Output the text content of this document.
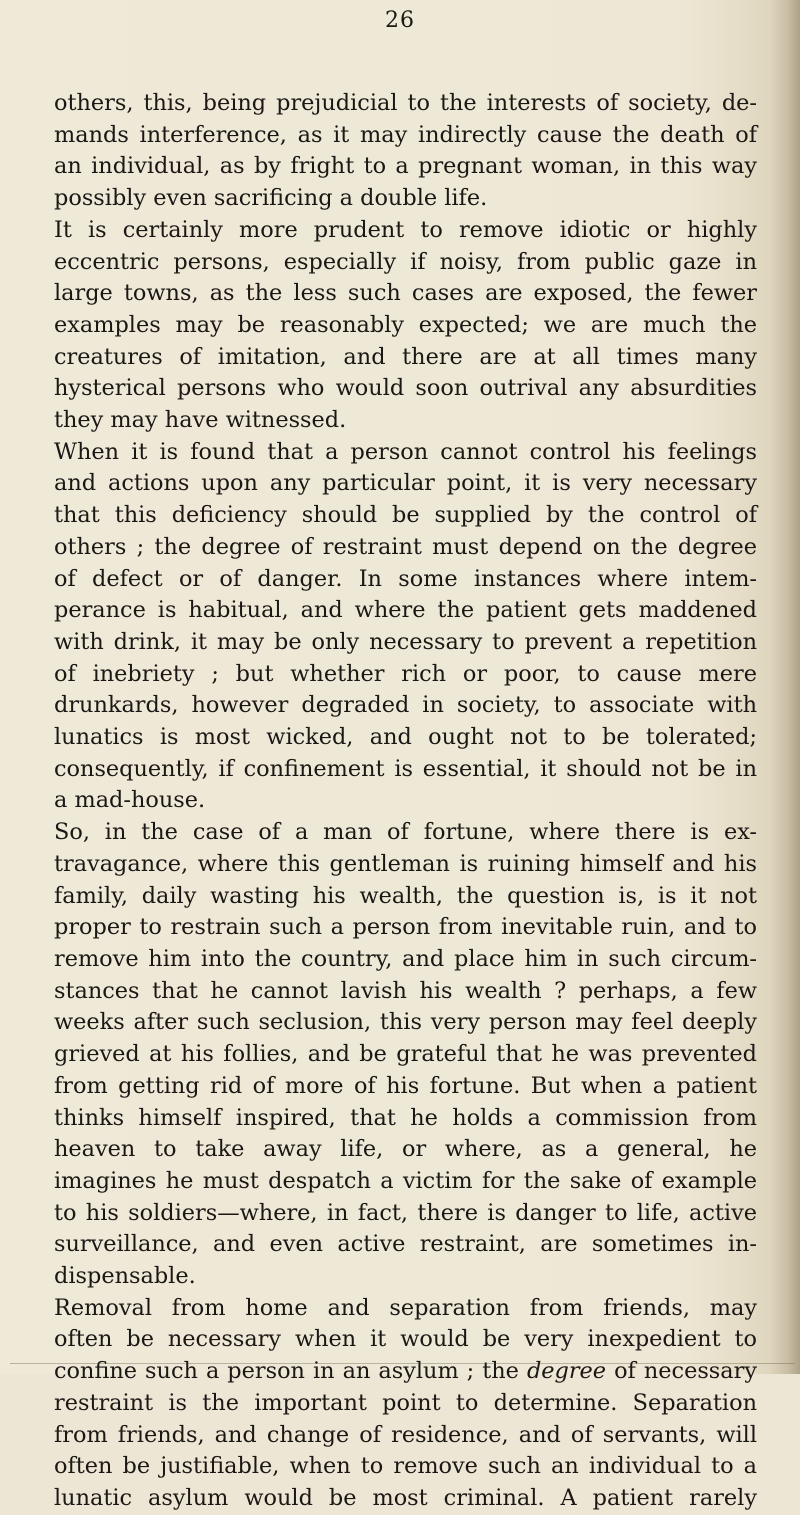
26
others, this, being prejudicial to the interests of society, de-
mands interference, as it may indirectly cause the death of
an individual, as by fright to a pregnant woman, in this way
possibly even sacrificing a double life.
It is certainly more prudent to remove idiotic or highly
eccentric persons, especially if noisy, from public gaze in
large towns, as the less such cases are exposed, the fewer
examples may be reasonably expected; we are much the
creatures of imitation, and there are at all times many
hysterical persons who would soon outrival any absurdities
they may have witnessed.
When it is found that a person cannot control his feelings
and actions upon any particular point, it is very necessary
that this deficiency should be supplied by the control of
others ; the degree of restraint must depend on the degree
of defect or of danger. In some instances where intem-
perance is habitual, and where the patient gets maddened
with drink, it may be only necessary to prevent a repetition
of inebriety ; but whether rich or poor, to cause mere
drunkards, however degraded in society, to associate with
lunatics is most wicked, and ought not to be tolerated;
consequently, if confinement is essential, it should not be in
a mad-house.
So, in the case of a man of fortune, where there is ex-
travagance, where this gentleman is ruining himself and his
family, daily wasting his wealth, the question is, is it not
proper to restrain such a person from inevitable ruin, and to
remove him into the country, and place him in such circum-
stances that he cannot lavish his wealth ? perhaps, a few
weeks after such seclusion, this very person may feel deeply
grieved at his follies, and be grateful that he was prevented
from getting rid of more of his fortune. But when a patient
thinks himself inspired, that he holds a commission from
heaven to take away life, or where, as a general, he
imagines he must despatch a victim for the sake of example
to his soldiers—where, in fact, there is danger to life, active
surveillance, and even active restraint, are sometimes in-
dispensable.
Removal from home and separation from friends, may
often be necessary when it would be very inexpedient to
confine such a person in an asylum ; the degree of necessary
restraint is the important point to determine. Separation
from friends, and change of residence, and of servants, will
often be justifiable, when to remove such an individual to a
lunatic asylum would be most criminal. A patient rarely
